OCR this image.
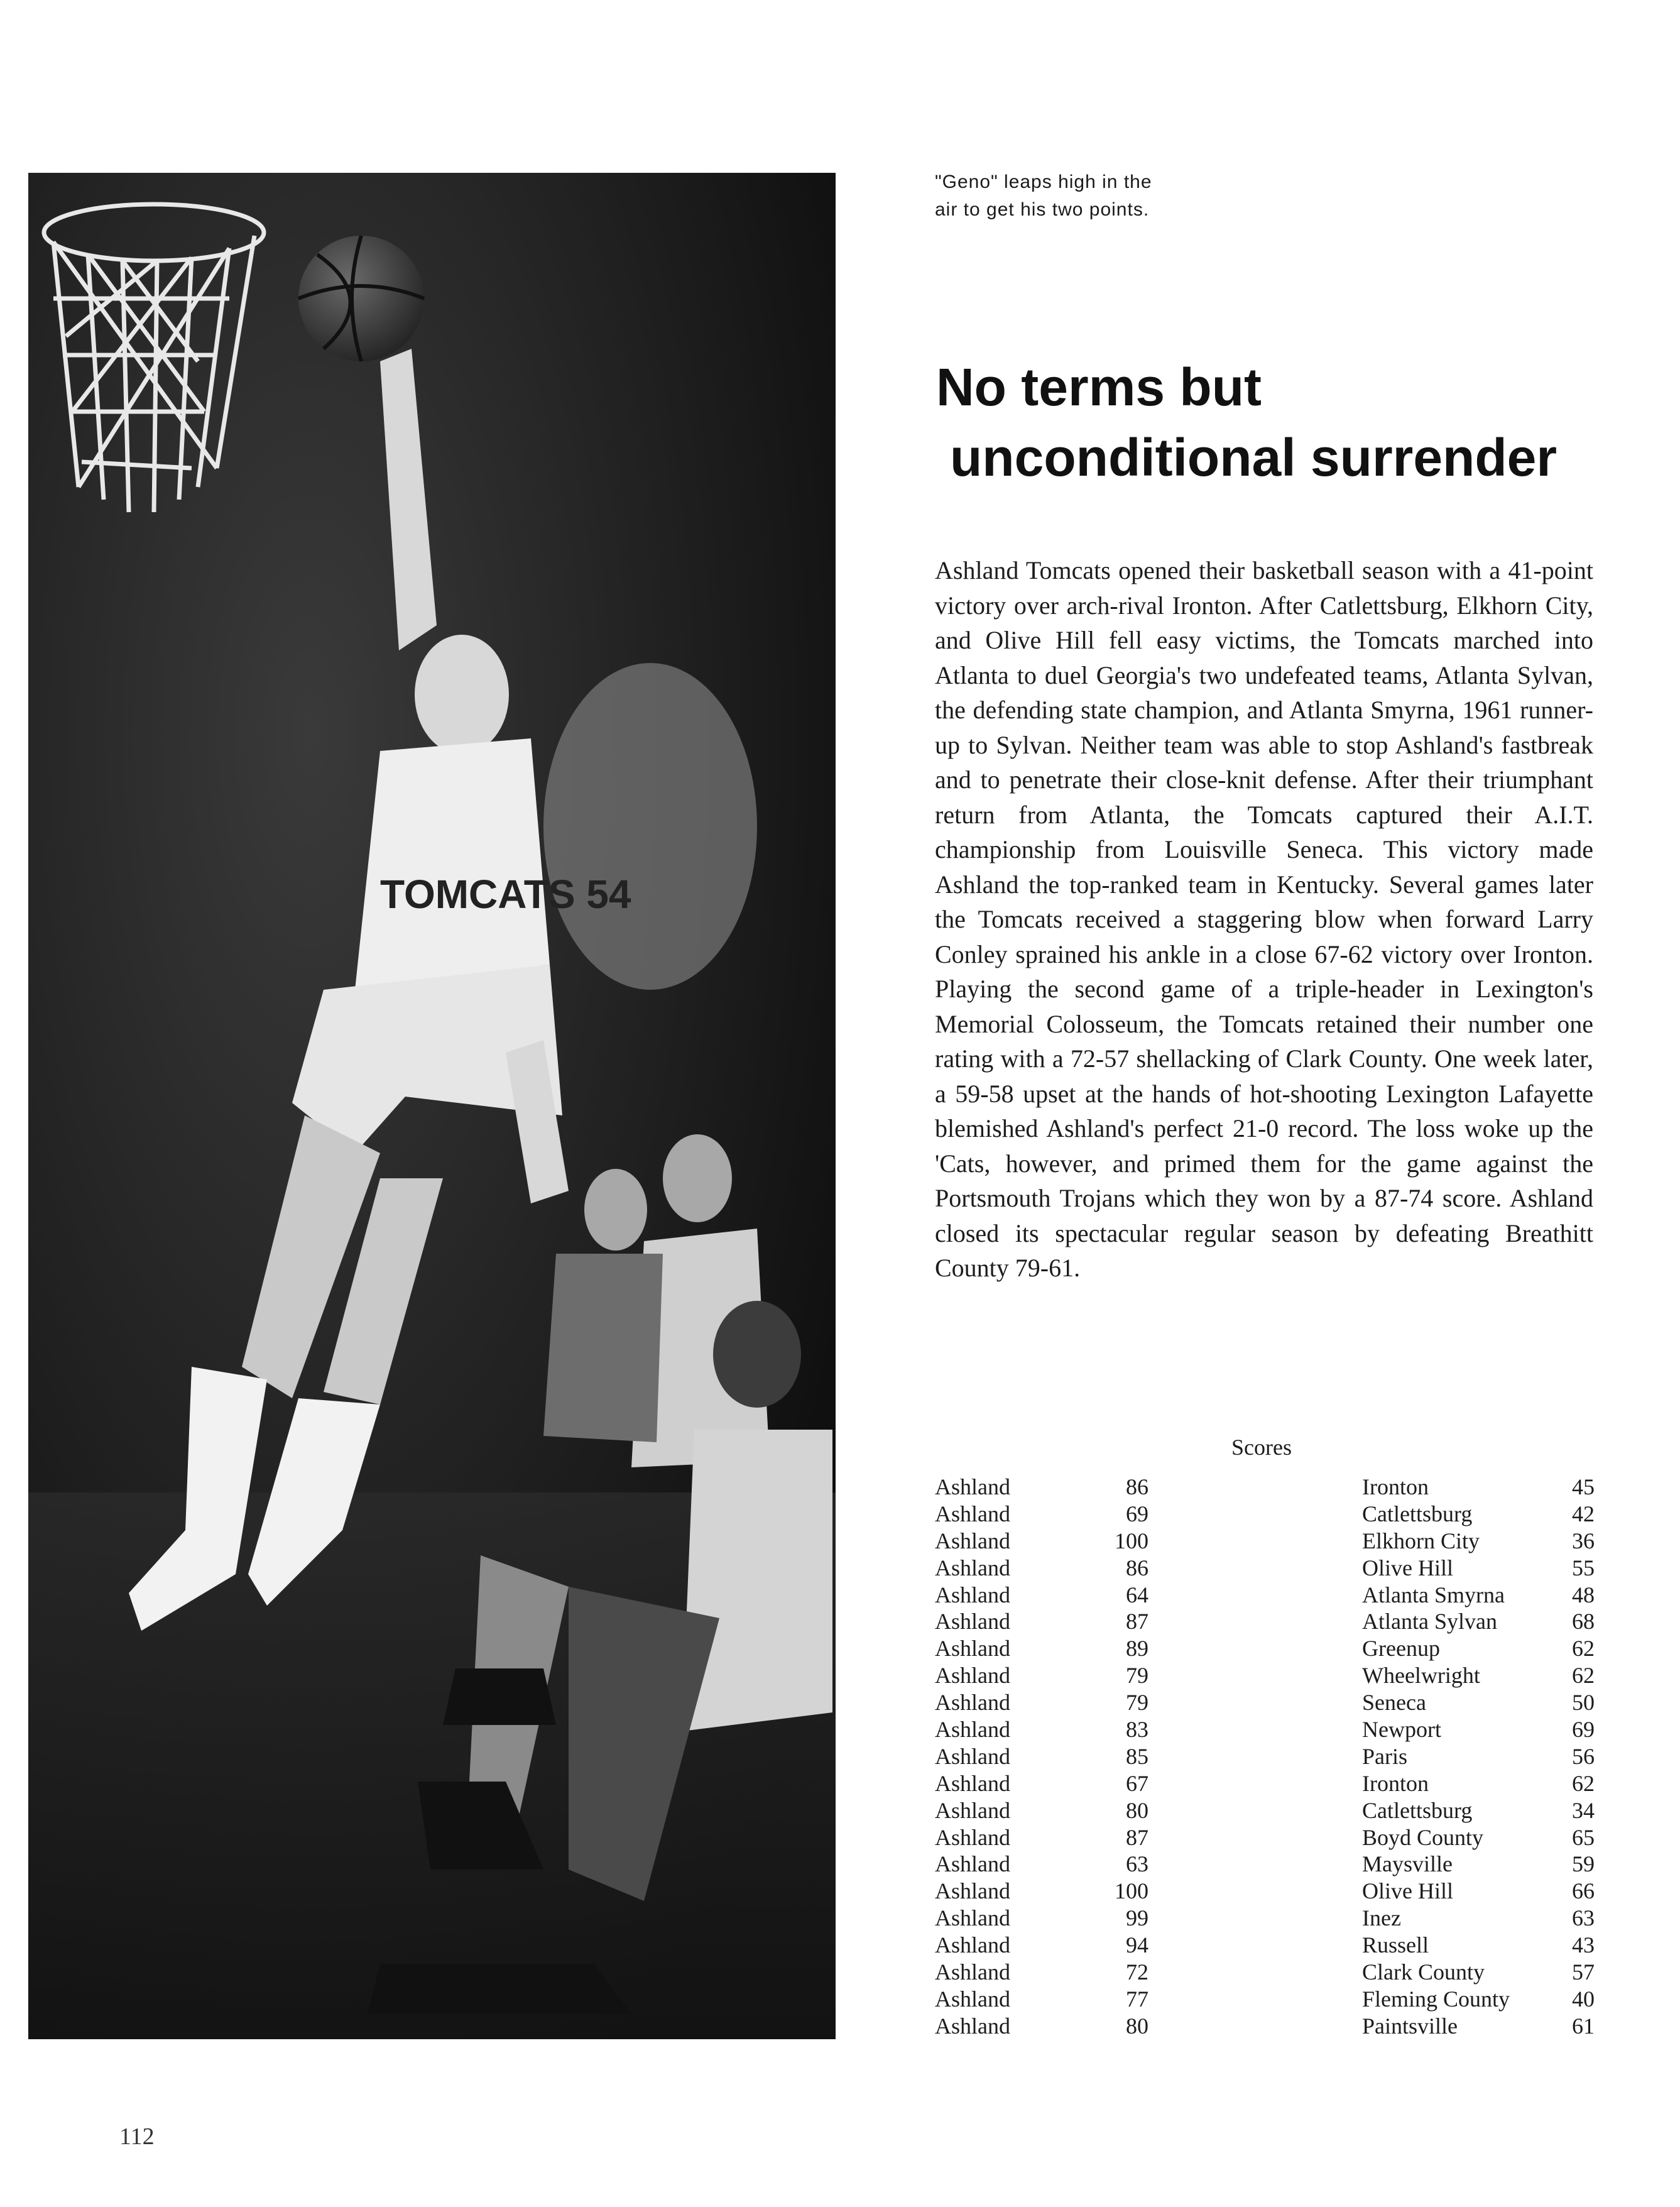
TOMCATS 54
"Geno" leaps high in the
air to get his two points.
No terms but
unconditional surrender
Ashland Tomcats opened their basketball season with a 41-point victory over arch-rival Ironton. After Catlettsburg, Elkhorn City, and Olive Hill fell easy victims, the Tomcats marched into Atlanta to duel Georgia's two undefeated teams, Atlanta Sylvan, the defending state champion, and Atlanta Smyrna, 1961 runner-up to Sylvan. Neither team was able to stop Ashland's fastbreak and to penetrate their close-knit defense. After their triumphant return from Atlanta, the Tomcats captured their A.I.T. championship from Louisville Seneca. This victory made Ashland the top-ranked team in Kentucky. Several games later the Tomcats received a staggering blow when forward Larry Conley sprained his ankle in a close 67-62 victory over Ironton. Playing the second game of a triple-header in Lexington's Memorial Colosseum, the Tomcats retained their number one rating with a 72-57 shellacking of Clark County. One week later, a 59-58 upset at the hands of hot-shooting Lexington Lafayette blemished Ashland's perfect 21-0 record. The loss woke up the 'Cats, however, and primed them for the game against the Portsmouth Trojans which they won by a 87-74 score. Ashland closed its spectacular regular season by defeating Breathitt County 79-61.
Scores
Ashland	86	Ironton	45
Ashland	69	Catlettsburg	42
Ashland	100	Elkhorn City	36
Ashland	86	Olive Hill	55
Ashland	64	Atlanta Smyrna	48
Ashland	87	Atlanta Sylvan	68
Ashland	89	Greenup	62
Ashland	79	Wheelwright	62
Ashland	79	Seneca	50
Ashland	83	Newport	69
Ashland	85	Paris	56
Ashland	67	Ironton	62
Ashland	80	Catlettsburg	34
Ashland	87	Boyd County	65
Ashland	63	Maysville	59
Ashland	100	Olive Hill	66
Ashland	99	Inez	63
Ashland	94	Russell	43
Ashland	72	Clark County	57
Ashland	77	Fleming County	40
Ashland	80	Paintsville	61
112
